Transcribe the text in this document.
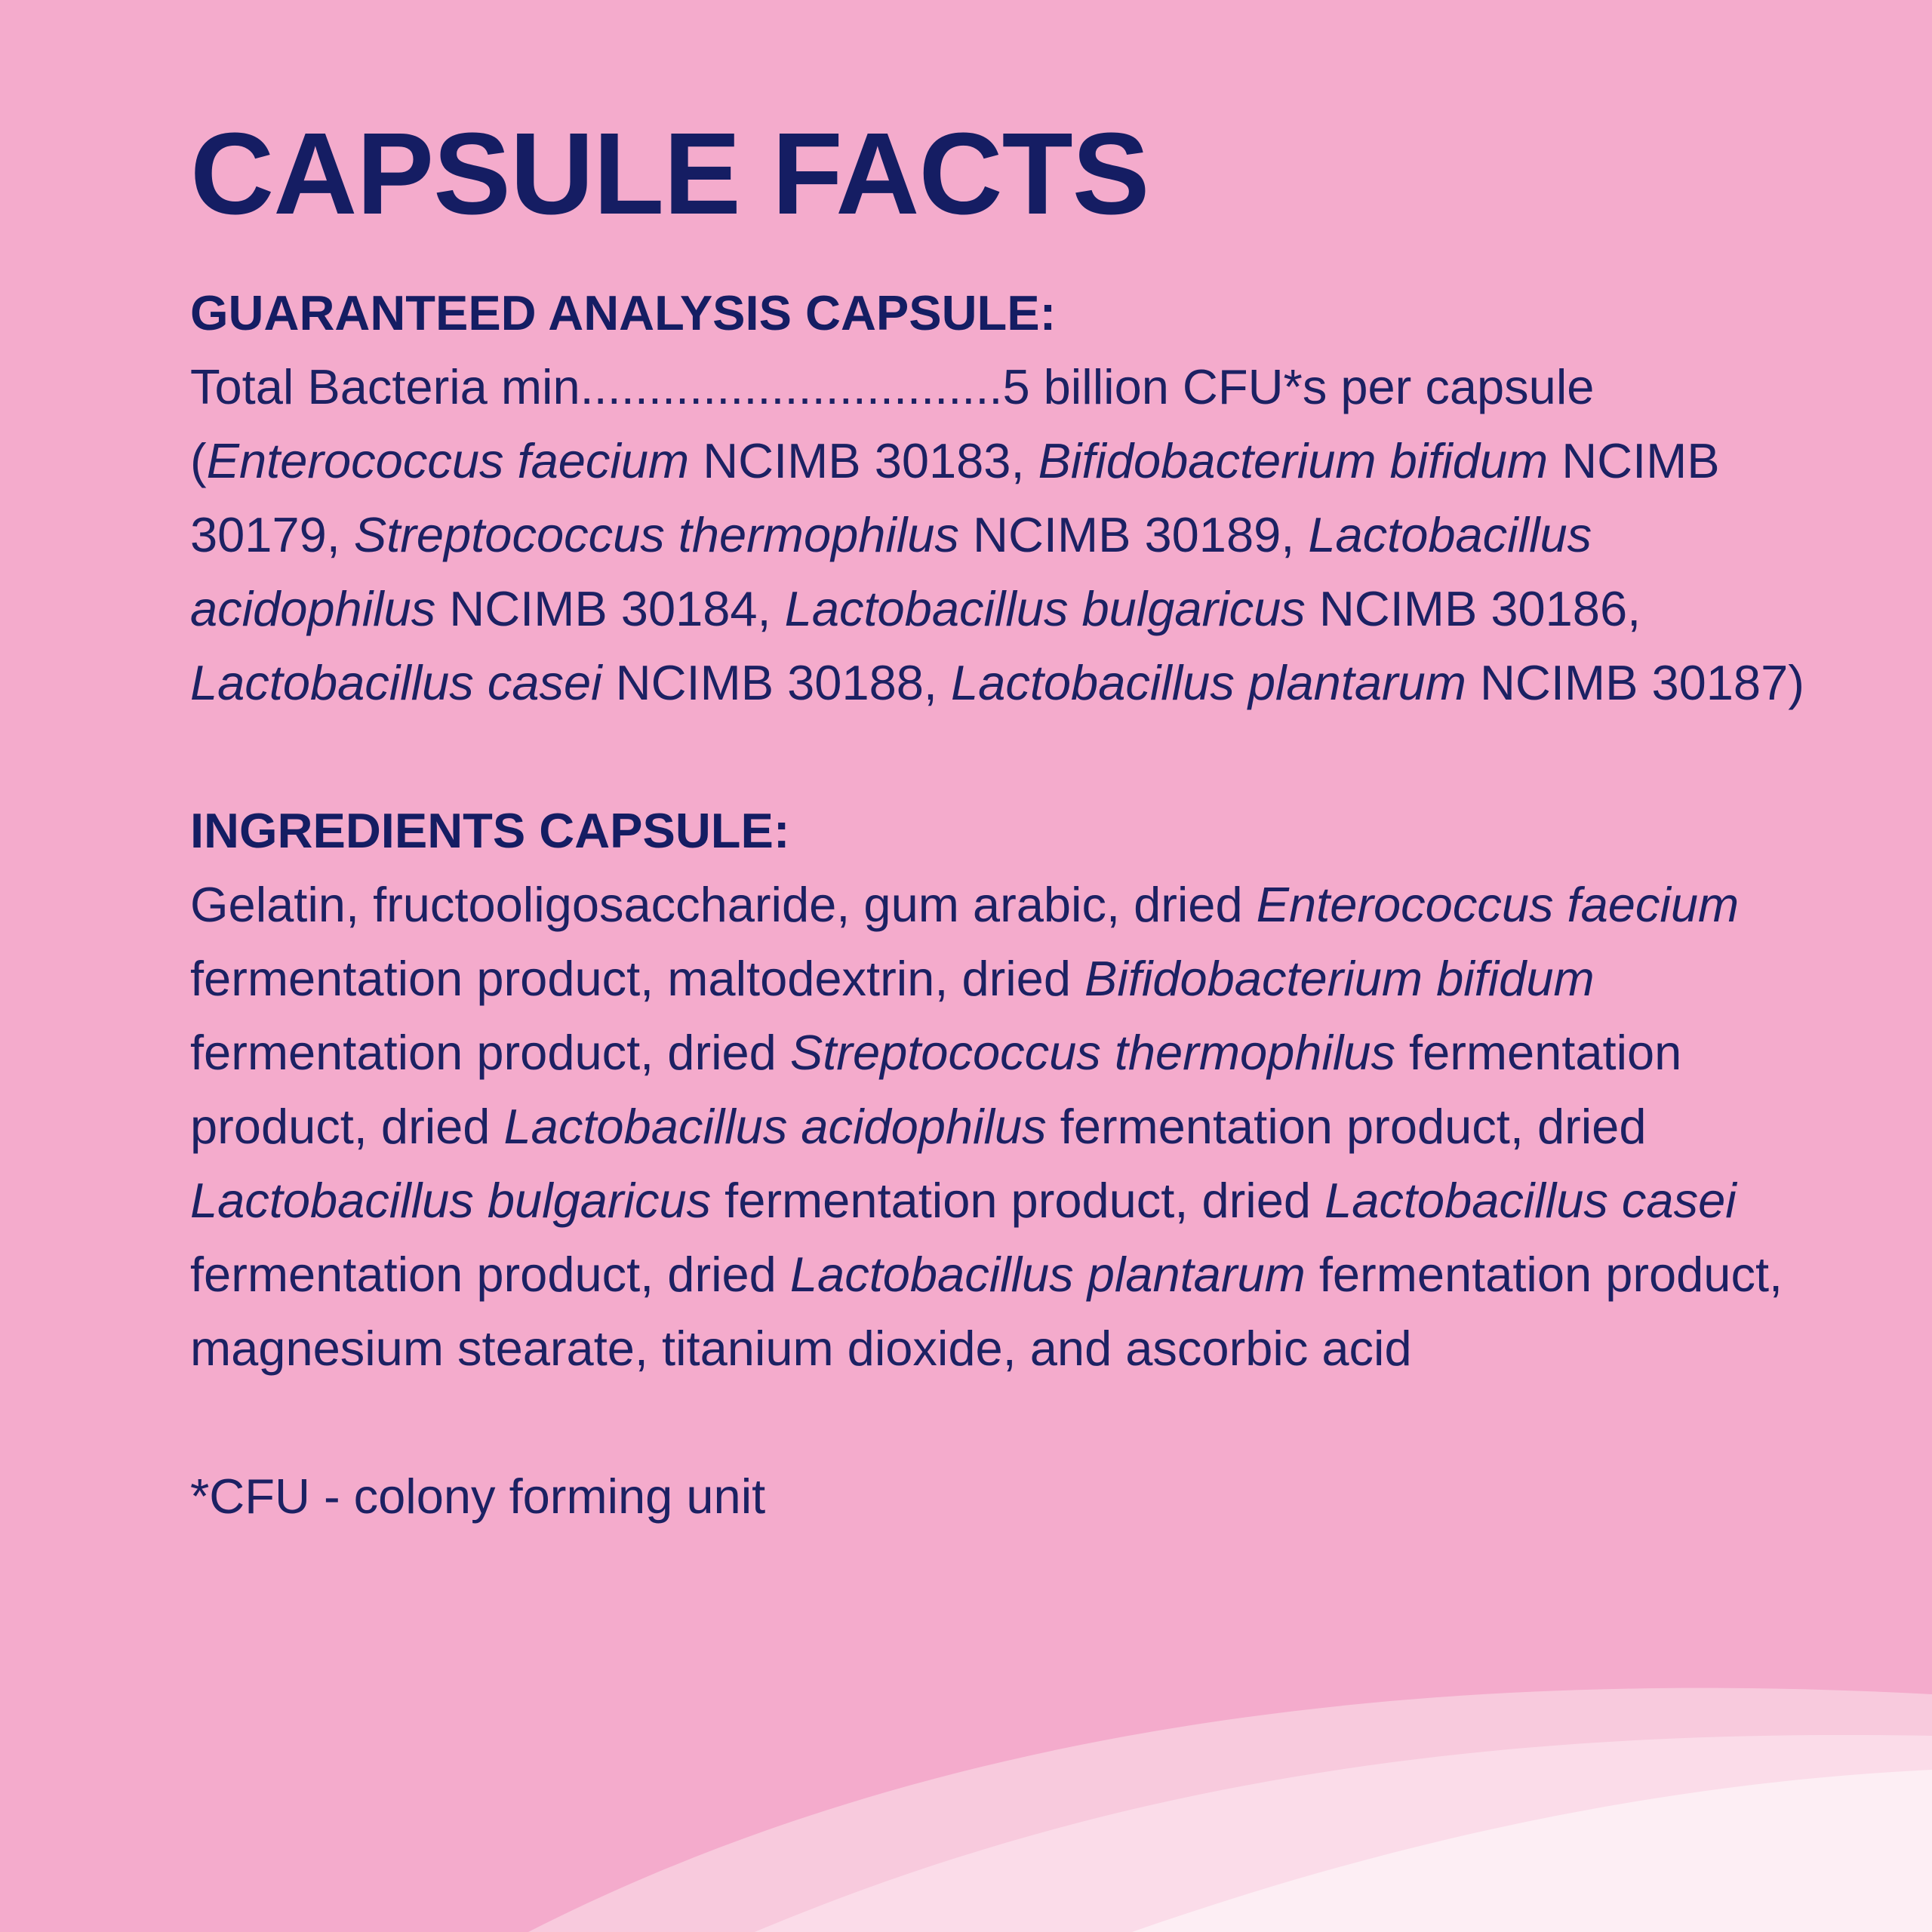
CAPSULE FACTS

GUARANTEED ANALYSIS CAPSULE:

Total Bacteria min...............................5 billion CFU*s per capsule

(Enterococcus faecium NCIMB 30183, Bifidobacterium bifidum NCIMB 30179, Streptococcus thermophilus NCIMB 30189, Lactobacillus acidophilus NCIMB 30184, Lactobacillus bulgaricus NCIMB 30186, Lactobacillus casei NCIMB 30188, Lactobacillus plantarum NCIMB 30187)

INGREDIENTS CAPSULE:

Gelatin, fructooligosaccharide, gum arabic, dried Enterococcus faecium fermentation product, maltodextrin, dried Bifidobacterium bifidum fermentation product, dried Streptococcus thermophilus fermentation product, dried Lactobacillus acidophilus fermentation product, dried Lactobacillus bulgaricus fermentation product, dried Lactobacillus casei fermentation product, dried Lactobacillus plantarum fermentation product, magnesium stearate, titanium dioxide, and ascorbic acid

*CFU - colony forming unit
